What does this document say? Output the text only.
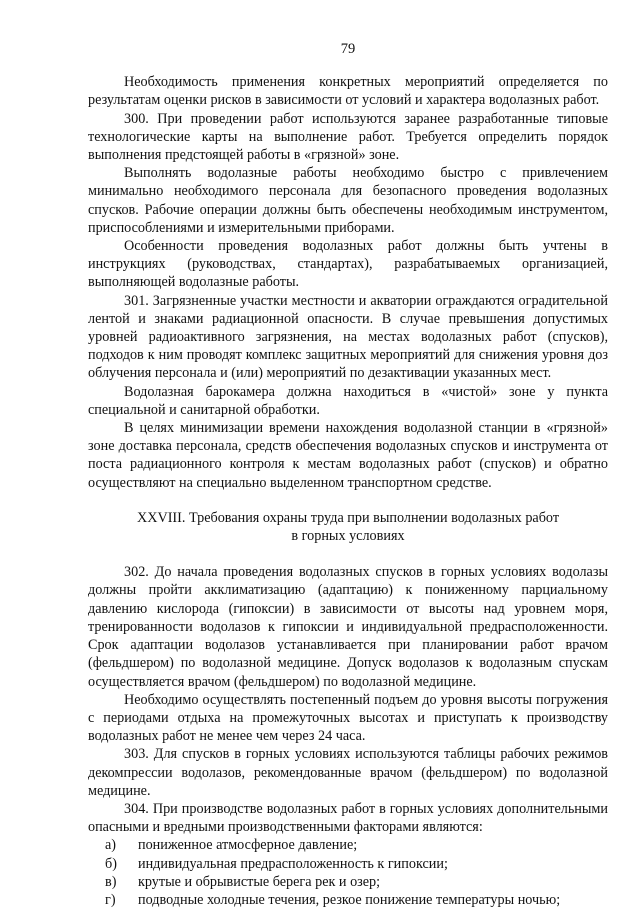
79

Необходимость применения конкретных мероприятий определяется по результатам оценки рисков в зависимости от условий и характера водолазных работ.

300. При проведении работ используются заранее разработанные типовые технологические карты на выполнение работ. Требуется определить порядок выполнения предстоящей работы в «грязной» зоне.

Выполнять водолазные работы необходимо быстро с привлечением минимально необходимого персонала для безопасного проведения водолазных спусков. Рабочие операции должны быть обеспечены необходимым инструментом, приспособлениями и измерительными приборами.

Особенности проведения водолазных работ должны быть учтены в инструкциях (руководствах, стандартах), разрабатываемых организацией, выполняющей водолазные работы.

301. Загрязненные участки местности и акватории ограждаются оградительной лентой и знаками радиационной опасности. В случае превышения допустимых уровней радиоактивного загрязнения, на местах водолазных работ (спусков), подходов к ним проводят комплекс защитных мероприятий для снижения уровня доз облучения персонала и (или) мероприятий по дезактивации указанных мест.

Водолазная барокамера должна находиться в «чистой» зоне у пункта специальной и санитарной обработки.

В целях минимизации времени нахождения водолазной станции в «грязной» зоне доставка персонала, средств обеспечения водолазных спусков и инструмента от поста радиационного контроля к местам водолазных работ (спусков) и обратно осуществляют на специально выделенном транспортном средстве.

XXVIII. Требования охраны труда при выполнении водолазных работ
в горных условиях

302. До начала проведения водолазных спусков в горных условиях водолазы должны пройти акклиматизацию (адаптацию) к пониженному парциальному давлению кислорода (гипоксии) в зависимости от высоты над уровнем моря, тренированности водолазов к гипоксии и индивидуальной предрасположенности. Срок адаптации водолазов устанавливается при планировании работ врачом (фельдшером) по водолазной медицине. Допуск водолазов к водолазным спускам осуществляется врачом (фельдшером) по водолазной медицине.

Необходимо осуществлять постепенный подъем до уровня высоты погружения с периодами отдыха на промежуточных высотах и приступать к производству водолазных работ не менее чем через 24 часа.

303. Для спусков в горных условиях используются таблицы рабочих режимов декомпрессии водолазов, рекомендованные врачом (фельдшером) по водолазной медицине.

304. При производстве водолазных работ в горных условиях дополнительными опасными и вредными производственными факторами являются:

а)	пониженное атмосферное давление;
б)	индивидуальная предрасположенность к гипоксии;
в)	крутые и обрывистые берега рек и озер;
г)	подводные холодные течения, резкое понижение температуры ночью;
